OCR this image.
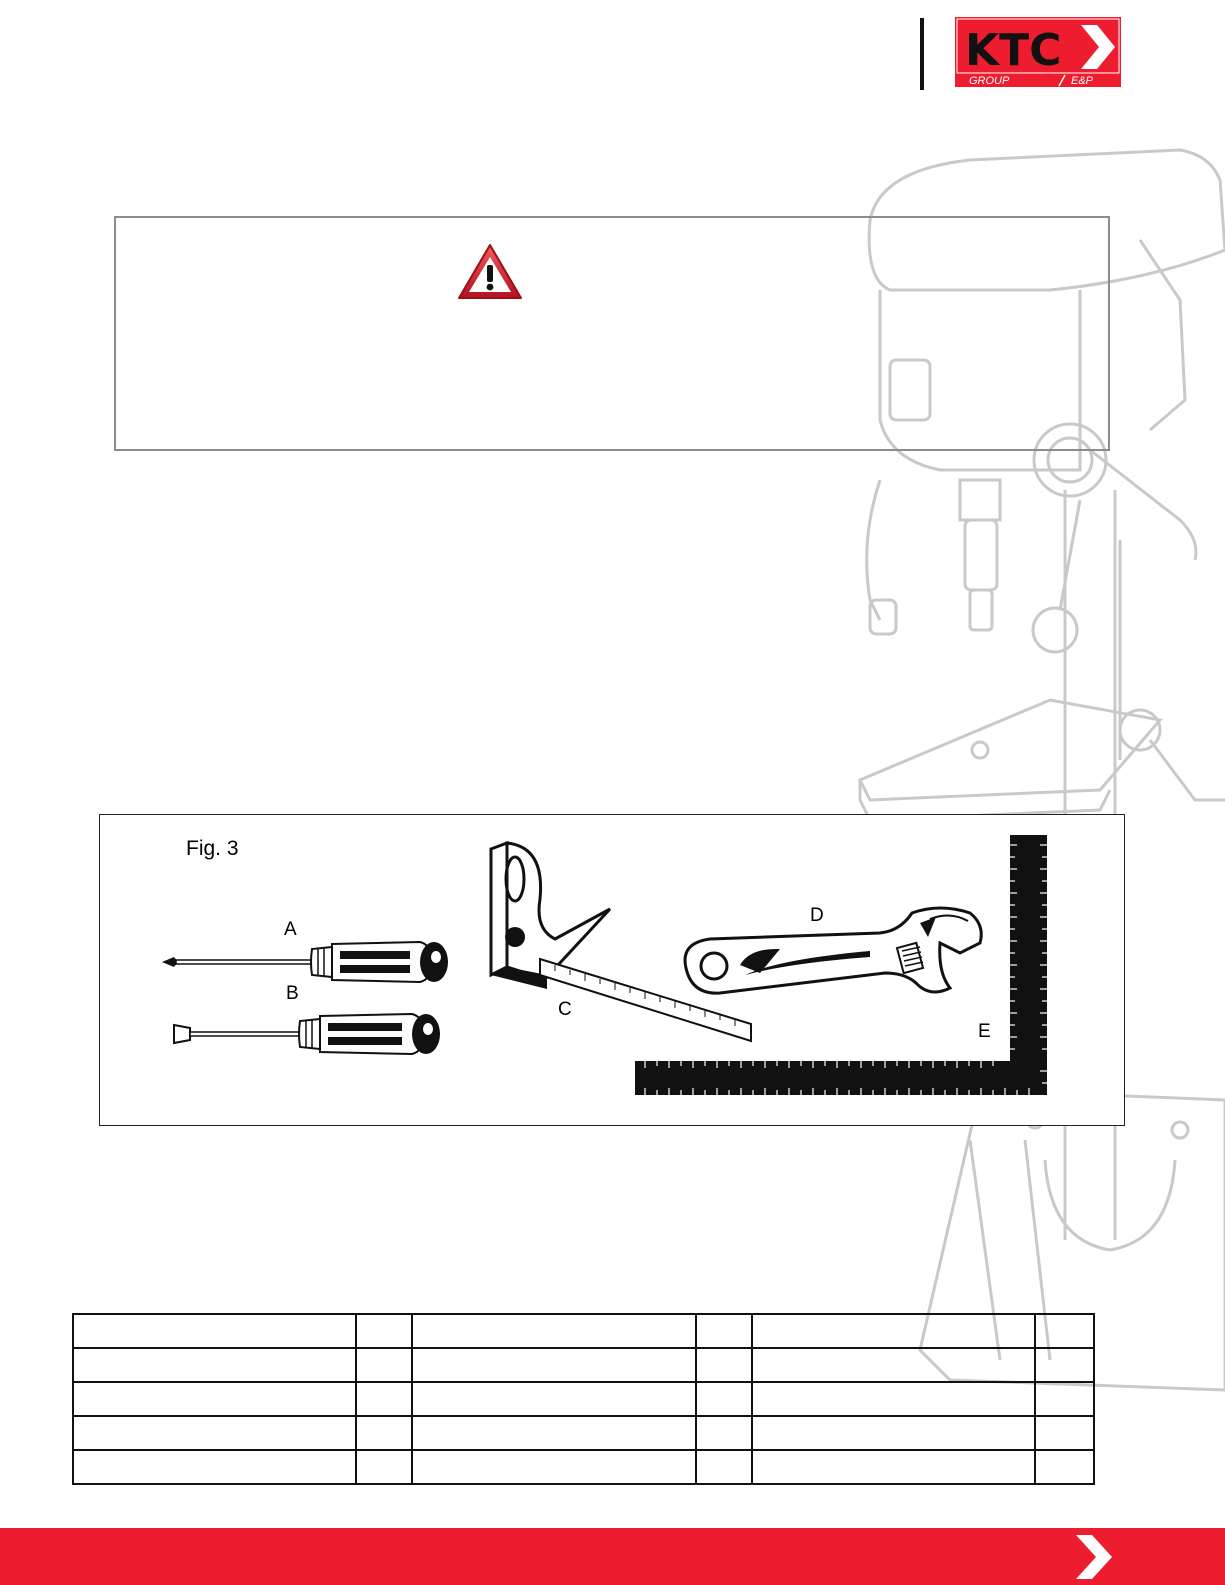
KTC
GROUP	E&P
Fig. 3
A
B
C
D
E
